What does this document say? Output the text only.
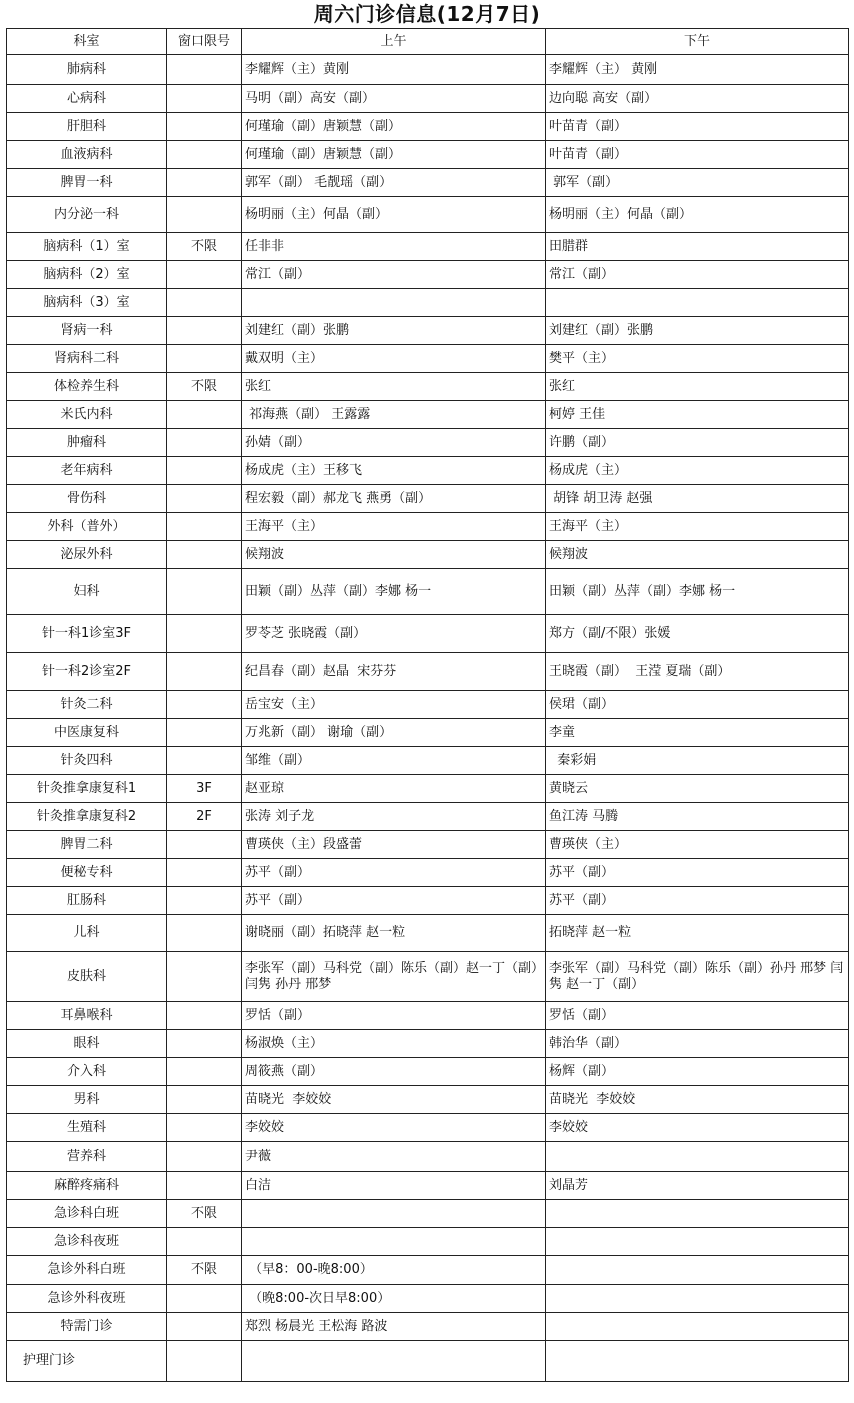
周六门诊信息(12月7日)
科室	窗口限号	上午	下午
肺病科		李耀辉（主）黄刚	李耀辉（主） 黄刚
心病科		马明（副）高安（副）	边向聪 高安（副）
肝胆科		何瑾瑜（副）唐颖慧（副）	叶苗青（副）
血液病科		何瑾瑜（副）唐颖慧（副）	叶苗青（副）
脾胃一科		郭军（副） 毛靓瑶（副）	郭军（副）
内分泌一科		杨明丽（主）何晶（副）	杨明丽（主）何晶（副）
脑病科（1）室	不限	任非非	田腊群
脑病科（2）室		常江（副）	常江（副）
脑病科（3）室			
肾病一科		刘建红（副）张鹏	刘建红（副）张鹏
肾病科二科		戴双明（主）	樊平（主）
体检养生科	不限	张红	张红
米氏内科		祁海燕（副） 王露露	柯婷 王佳
肿瘤科		孙婧（副）	许鹏（副）
老年病科		杨成虎（主）王移飞	杨成虎（主）
骨伤科		程宏毅（副）郝龙飞 燕勇（副）	胡锋 胡卫涛 赵强
外科（普外）		王海平（主）	王海平（主）
泌尿外科		候翔波	候翔波
妇科		田颖（副）丛萍（副）李娜 杨一	田颖（副）丛萍（副）李娜 杨一
针一科1诊室3F		罗苓芝 张晓霞（副）	郑方（副/不限）张媛
针一科2诊室2F		纪昌春（副）赵晶  宋芬芬	王晓霞（副）  王滢 夏瑞（副）
针灸二科		岳宝安（主）	侯珺（副）
中医康复科		万兆新（副） 谢瑜（副）	李童
针灸四科		邹维（副）	秦彩娟
针灸推拿康复科1	3F	赵亚琼	黄晓云
针灸推拿康复科2	2F	张涛 刘子龙	鱼江涛 马腾
脾胃二科		曹瑛侠（主）段盛蕾	曹瑛侠（主）
便秘专科		苏平（副）	苏平（副）
肛肠科		苏平（副）	苏平（副）
儿科		谢晓丽（副）拓晓萍 赵一粒	拓晓萍 赵一粒
皮肤科		李张军（副）马科党（副）陈乐（副）赵一丁（副）闫隽 孙丹 邢梦	李张军（副）马科党（副）陈乐（副）孙丹 邢梦 闫隽 赵一丁（副）
耳鼻喉科		罗恬（副）	罗恬（副）
眼科		杨淑焕（主）	韩治华（副）
介入科		周筱燕（副）	杨辉（副）
男科		苗晓光  李姣姣	苗晓光  李姣姣
生殖科		李姣姣	李姣姣
营养科		尹薇	
麻醉疼痛科		白洁	刘晶芳
急诊科白班	不限		
急诊科夜班			
急诊外科白班	不限	（早8：00-晚8:00）	
急诊外科夜班		（晚8:00-次日早8:00）	
特需门诊		郑烈 杨晨光 王松海 路波	
护理门诊			
